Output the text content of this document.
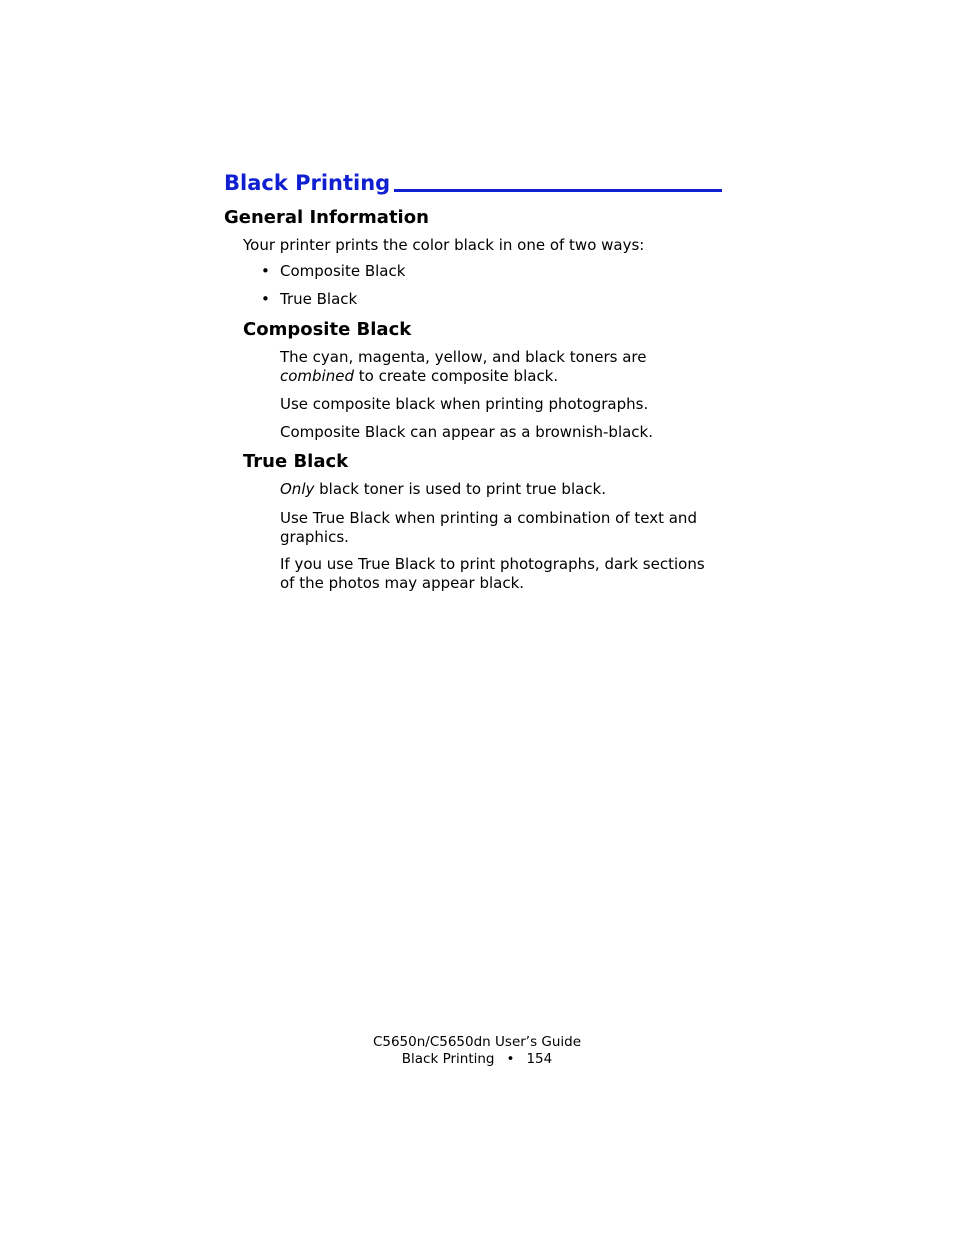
Black Printing
General Information

Your printer prints the color black in one of two ways:

• Composite Black
• True Black
Composite Black

The cyan, magenta, yellow, and black toners are
combined to create composite black.

Use composite black when printing photographs.

Composite Black can appear as a brownish-black.

True Black

Only black toner is used to print true black.

Use True Black when printing a combination of text and
graphics.

If you use True Black to print photographs, dark sections
of the photos may appear black.

C5650n/C5650dn User’s Guide
Black Printing • 154
